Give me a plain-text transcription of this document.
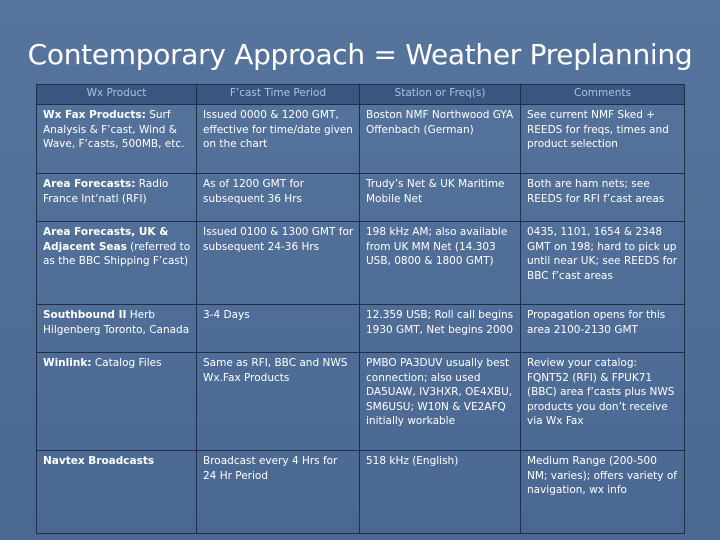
Contemporary Approach = Weather Preplanning
Wx Product	F’cast Time Period	Station or Freq(s)	Comments
Wx Fax Products: Surf Analysis & F’cast, Wind & Wave, F’casts, 500MB, etc.	Issued 0000 & 1200 GMT, effective for time/date given on the chart	Boston NMF Northwood GYA Offenbach (German)	See current NMF Sked + REEDS for freqs, times and product selection
Area Forecasts: Radio France Int’natl (RFI)	As of 1200 GMT for subsequent 36 Hrs	Trudy’s Net & UK Maritime Mobile Net	Both are ham nets; see REEDS for RFI f’cast areas
Area Forecasts, UK & Adjacent Seas (referred to as the BBC Shipping F’cast)	Issued 0100 & 1300 GMT for subsequent 24-36 Hrs	198 kHz AM; also available from UK MM Net (14.303 USB, 0800 & 1800 GMT)	0435, 1101, 1654 & 2348 GMT on 198; hard to pick up until near UK; see REEDS for BBC f’cast areas
Southbound II Herb Hilgenberg Toronto, Canada	3-4 Days	12.359 USB; Roll call begins 1930 GMT, Net begins 2000	Propagation opens for this area 2100-2130 GMT
Winlink: Catalog Files	Same as RFI, BBC and NWS Wx.Fax Products	PMBO PA3DUV usually best connection; also used DA5UAW, IV3HXR, OE4XBU, SM6USU; W10N & VE2AFQ initially workable	Review your catalog: FQNT52 (RFI) & FPUK71 (BBC) area f’casts plus NWS products you don’t receive via Wx Fax
Navtex Broadcasts	Broadcast every 4 Hrs for 24 Hr Period	518 kHz (English)	Medium Range (200-500 NM; varies); offers variety of navigation, wx info
